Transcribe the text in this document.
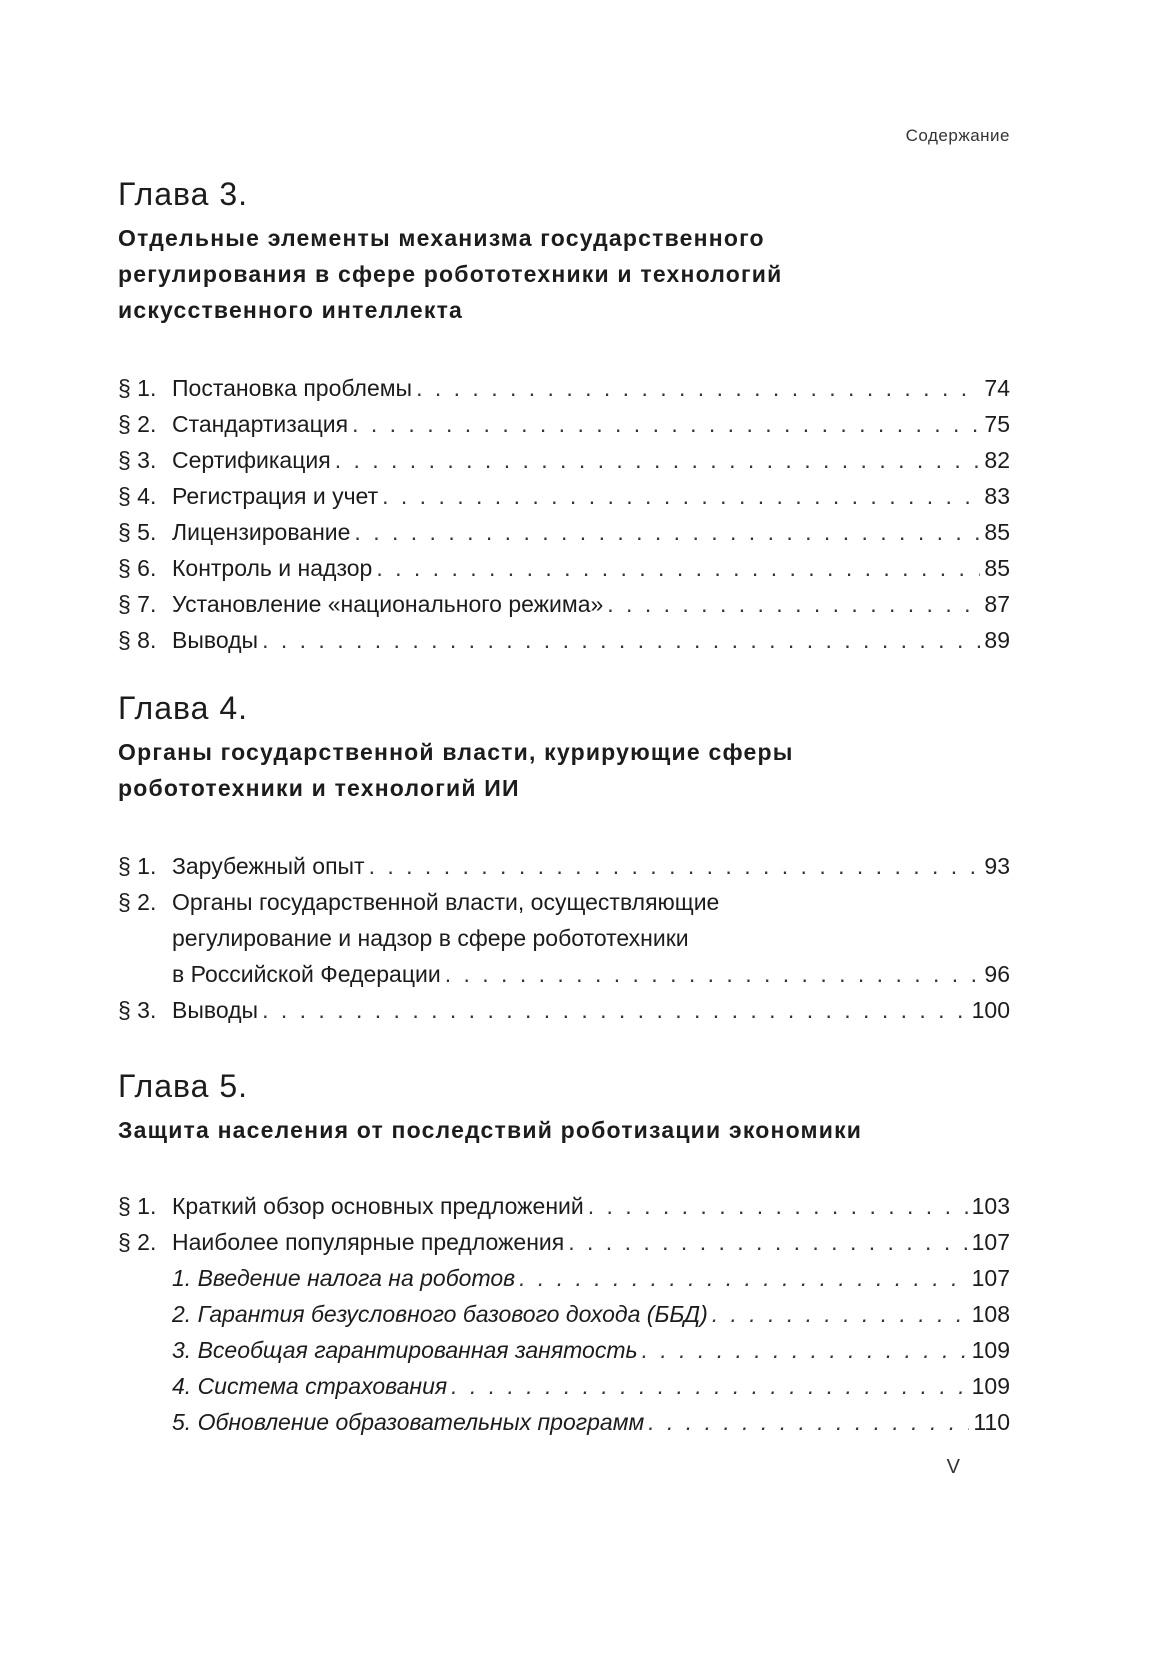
Содержание
Глава 3.
Отдельные элементы механизма государственного
регулирования в сфере робототехники и технологий
искусственного интеллекта
§ 1. Постановка проблемы . . .	74
§ 2. Стандартизация . . .	75
§ 3. Сертификация . . .	82
§ 4. Регистрация и учет . . .	83
§ 5. Лицензирование . . .	85
§ 6. Контроль и надзор . . .	85
§ 7. Установление «национального режима» . . .	87
§ 8. Выводы . . .	89
Глава 4.
Органы государственной власти, курирующие сферы
робототехники и технологий ИИ
§ 1. Зарубежный опыт . . .	93
§ 2. Органы государственной власти, осуществляющие
регулирование и надзор в сфере робототехники
в Российской Федерации . . .	96
§ 3. Выводы . . .	100
Глава 5.
Защита населения от последствий роботизации экономики
§ 1. Краткий обзор основных предложений . . .	103
§ 2. Наиболее популярные предложения . . .	107
1. Введение налога на роботов . . .	107
2. Гарантия безусловного базового дохода (ББД) . . .	108
3. Всеобщая гарантированная занятость . . .	109
4. Система страхования . . .	109
5. Обновление образовательных программ . . .	110
V
